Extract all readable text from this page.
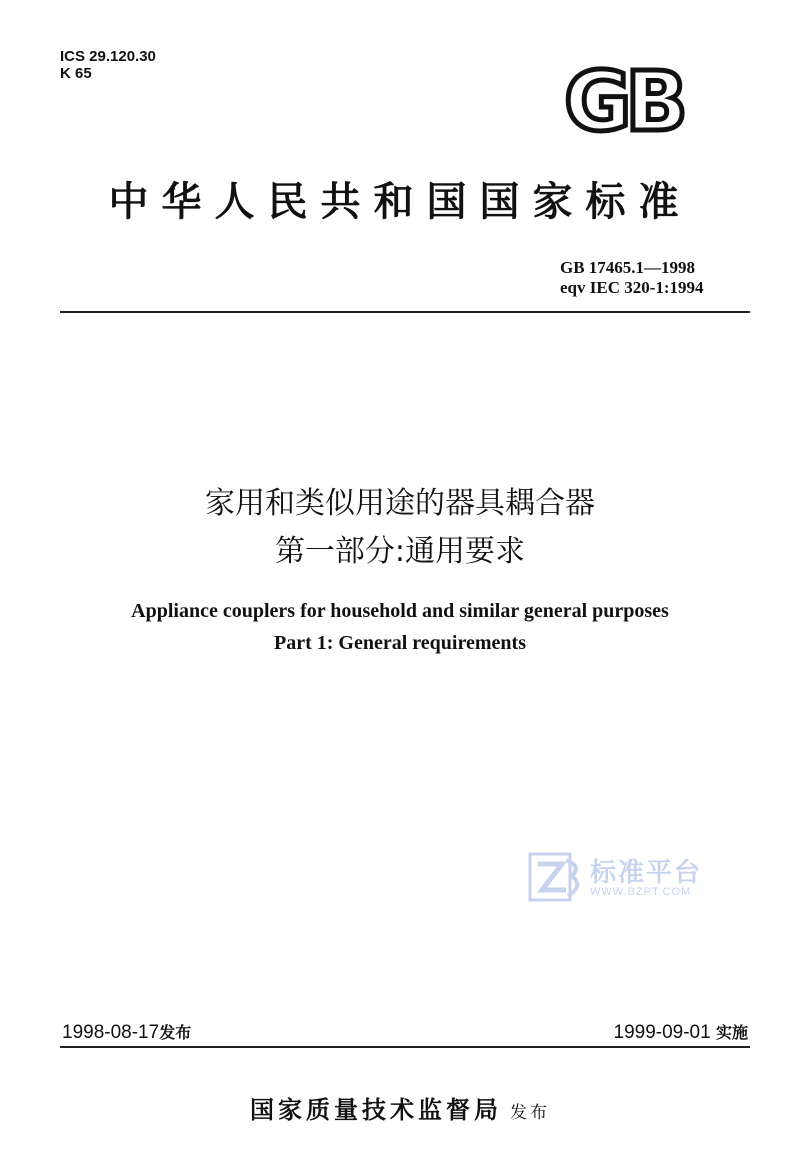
ICS 29.120.30
K 65	GB
中华人民共和国国家标准
GB 17465.1—1998
eqv IEC 320-1:1994
家用和类似用途的器具耦合器
第一部分:通用要求
Appliance couplers for household and similar general purposes
Part 1: General requirements
标准平台
WWW.BZPT.COM
1998-08-17发布	1999-09-01 实施
国家质量技术监督局 发布
